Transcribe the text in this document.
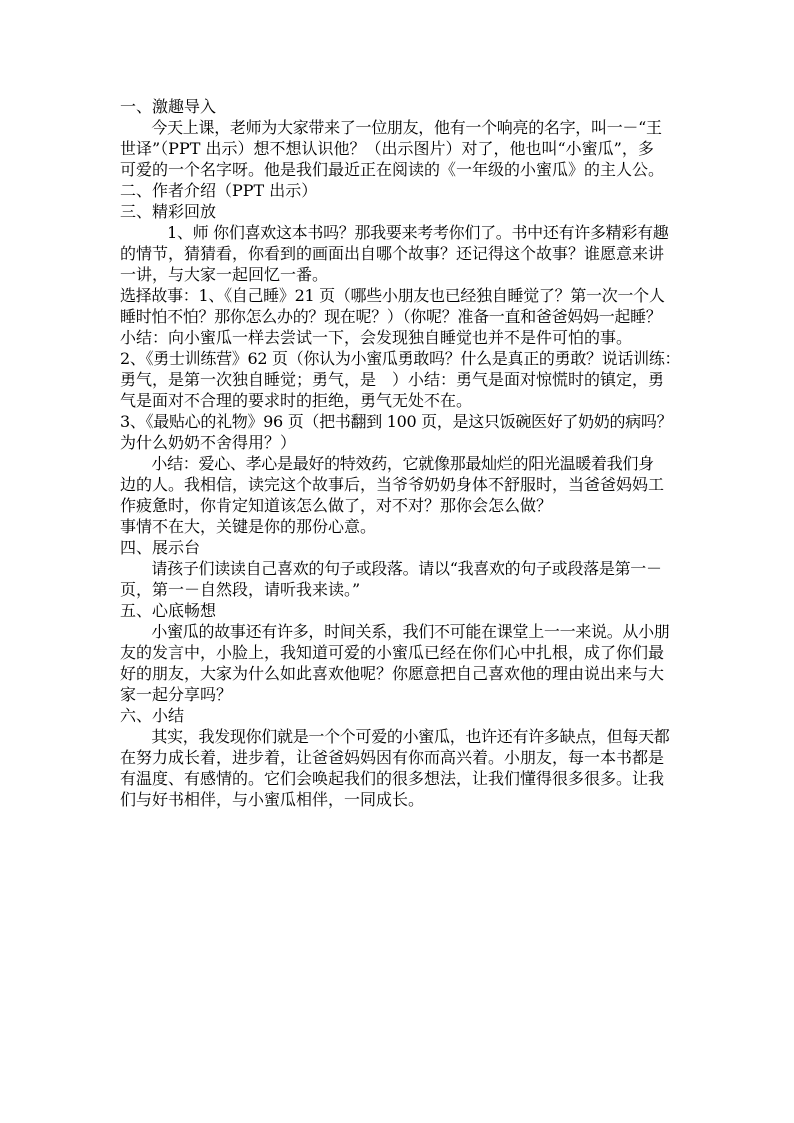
一、激趣导入
　　今天上课，老师为大家带来了一位朋友，他有一个响亮的名字，叫一－“王
世译”（PPT 出示）想不想认识他？（出示图片）对了，他也叫“小蜜瓜”，多
可爱的一个名字呀。他是我们最近正在阅读的《一年级的小蜜瓜》的主人公。
二、作者介绍（PPT 出示）
三、精彩回放
　　　1、师 你们喜欢这本书吗？那我要来考考你们了。书中还有许多精彩有趣
的情节，猜猜看，你看到的画面出自哪个故事？还记得这个故事？谁愿意来讲
一讲，与大家一起回忆一番。
选择故事：1、《自己睡》21 页（哪些小朋友也已经独自睡觉了？第一次一个人
睡时怕不怕？那你怎么办的？现在呢？）（你呢？准备一直和爸爸妈妈一起睡？
小结：向小蜜瓜一样去尝试一下，会发现独自睡觉也并不是件可怕的事。
2、《勇士训练营》62 页（你认为小蜜瓜勇敢吗？什么是真正的勇敢？说话训练：
勇气，是第一次独自睡觉；勇气，是　）小结：勇气是面对惊慌时的镇定，勇
气是面对不合理的要求时的拒绝，勇气无处不在。
3、《最贴心的礼物》96 页（把书翻到 100 页，是这只饭碗医好了奶奶的病吗？
为什么奶奶不舍得用？）
　　小结：爱心、孝心是最好的特效药，它就像那最灿烂的阳光温暖着我们身
边的人。我相信，读完这个故事后，当爷爷奶奶身体不舒服时，当爸爸妈妈工
作疲惫时，你肯定知道该怎么做了，对不对？那你会怎么做？
事情不在大，关键是你的那份心意。
四、展示台
　　请孩子们读读自己喜欢的句子或段落。请以“我喜欢的句子或段落是第一－
页，第一－自然段，请听我来读。”
五、心底畅想
　　小蜜瓜的故事还有许多，时间关系，我们不可能在课堂上一一来说。从小朋
友的发言中，小脸上，我知道可爱的小蜜瓜已经在你们心中扎根，成了你们最
好的朋友，大家为什么如此喜欢他呢？你愿意把自己喜欢他的理由说出来与大
家一起分享吗？
六、小结
　　其实，我发现你们就是一个个可爱的小蜜瓜，也许还有许多缺点，但每天都
在努力成长着，进步着，让爸爸妈妈因有你而高兴着。小朋友，每一本书都是
有温度、有感情的。它们会唤起我们的很多想法，让我们懂得很多很多。让我
们与好书相伴，与小蜜瓜相伴，一同成长。
